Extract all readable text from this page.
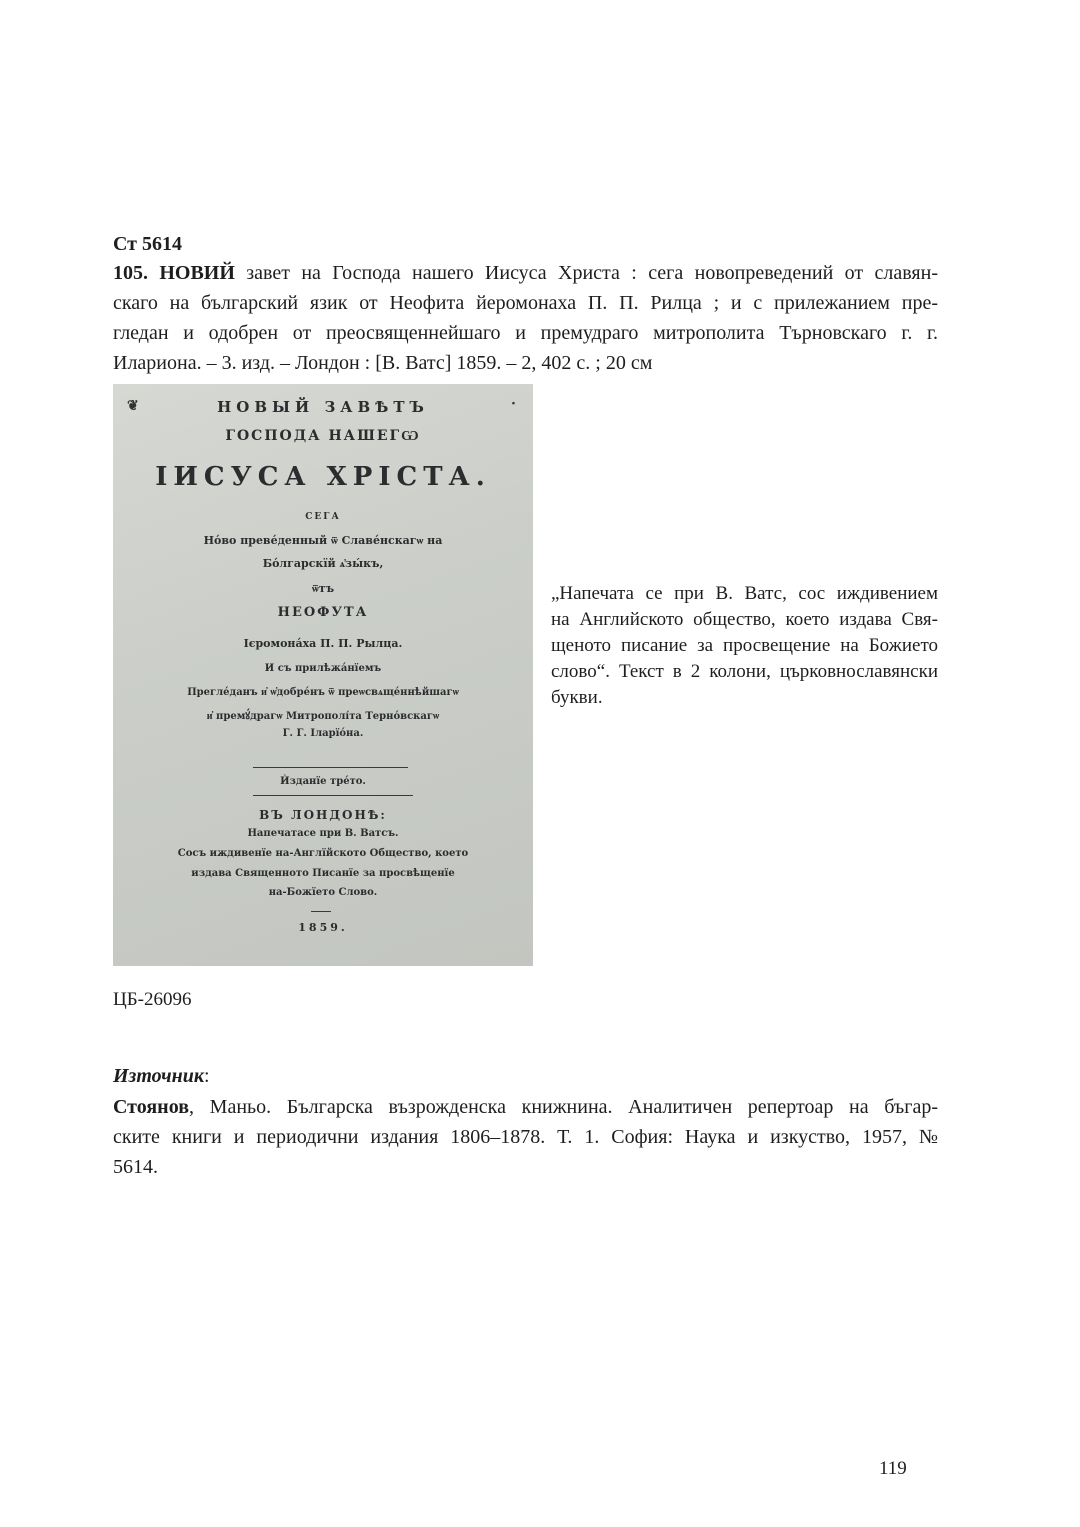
Ст 5614

105. НОВИЙ завет на Господа нашего Иисуса Христа : сега новопреведений от славян-
скаго на българский язик от Неофита йеромонаха П. П. Рилца ; и с прилежанием пре-
гледан и одобрен от преосвященнейшаго и премудраго митрополита Търновскаго г. г.
Илариона. – 3. изд. – Лондон : [В. Ватс] 1859. – 2, 402 с. ; 20 см

❦	·
НОВЫЙ ЗАВѢТЪ
ГОСПОДА НАШЕГѠ
ІИСУСА ХРІСТА.
СЕГА
Нόво превéденный ѿ Славéнскагѡ на
Бόлгарскїй ѧ҆зы́къ,
ѿтъ
НЕОФУТА
Ієромонáха П. П. Рылца.
И съ прилѣжáнїемъ
Преглéданъ и҆ ѡ҆добрéнъ ѿ преѡсвѧщéннѣйшагѡ
и҆ премꙋ́драгѡ Митрополíта Тернόвскагѡ
Г. Г. Іларїóна.
Ѝзданїе трéто.
ВЪ ЛОНДОНѢ:
Напечатасе при В. Ватсъ.
Сосъ иждивенїе на-Англїйското Общество, което
издава Священното Писанїе за просвѣщенїе
на-Божїето Слово.
1859.

„Напечата се при В. Ватс, сос иждивением
на Английското общество, което издава Свя-
щеното писание за просвещение на Божието
слово“. Текст в 2 колони, църковнославянски
букви.

ЦБ-26096

Източник:

Стоянов, Маньо. Българска възрожденска книжнина. Аналитичен репертоар на бъгар-
ските книги и периодични издания 1806–1878. Т. 1. София: Наука и изкуство, 1957, №
5614.

119
